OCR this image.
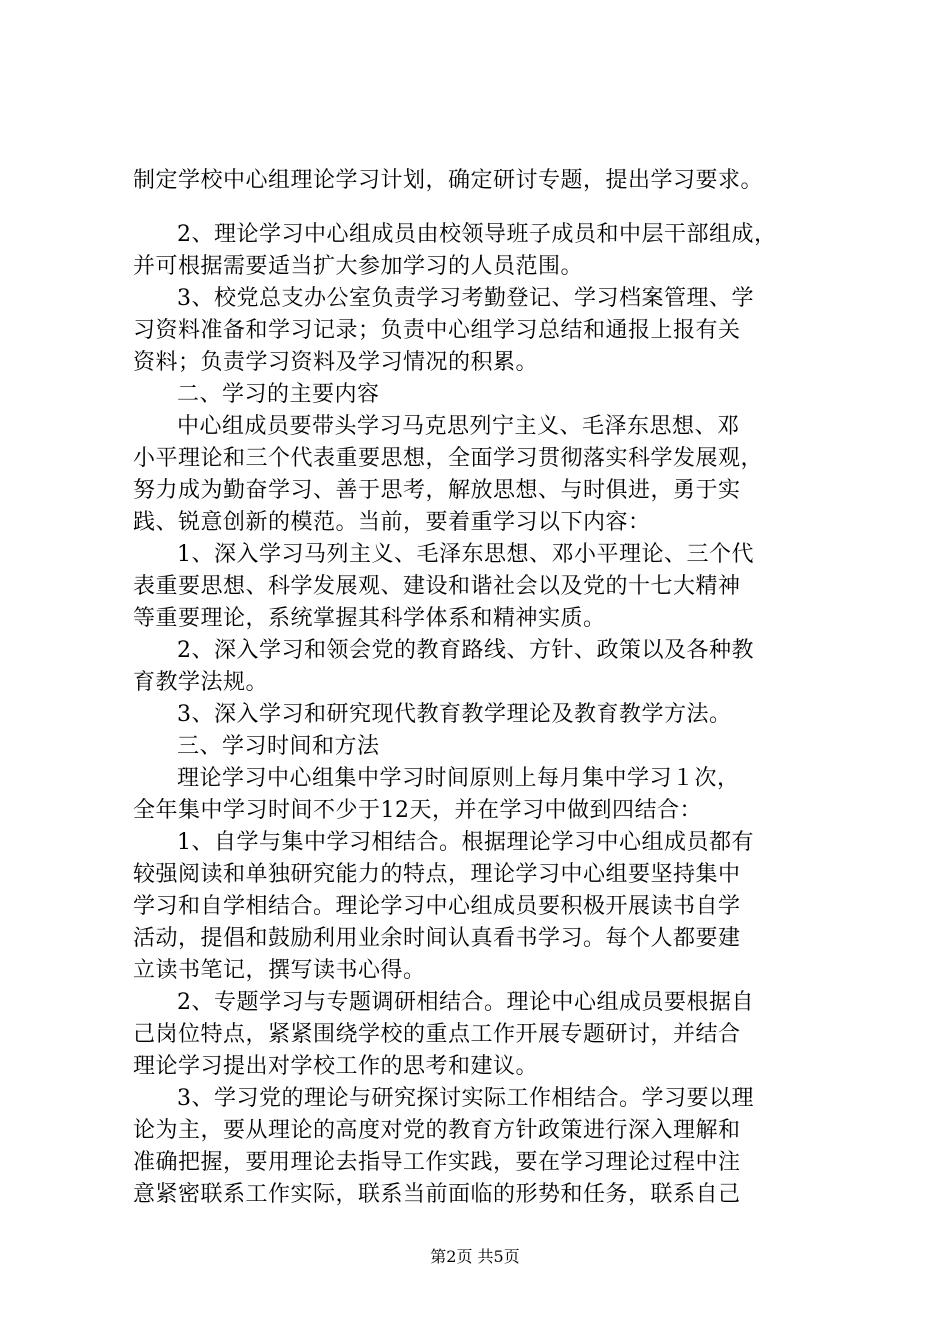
制定学校中心组理论学习计划，确定研讨专题，提出学习要求。
2、理论学习中心组成员由校领导班子成员和中层干部组成，
并可根据需要适当扩大参加学习的人员范围。
3、校党总支办公室负责学习考勤登记、学习档案管理、学
习资料准备和学习记录；负责中心组学习总结和通报上报有关
资料；负责学习资料及学习情况的积累。
二、学习的主要内容
中心组成员要带头学习马克思列宁主义、毛泽东思想、邓
小平理论和三个代表重要思想，全面学习贯彻落实科学发展观，
努力成为勤奋学习、善于思考，解放思想、与时俱进，勇于实
践、锐意创新的模范。当前，要着重学习以下内容：
1、深入学习马列主义、毛泽东思想、邓小平理论、三个代
表重要思想、科学发展观、建设和谐社会以及党的十七大精神
等重要理论，系统掌握其科学体系和精神实质。
2、深入学习和领会党的教育路线、方针、政策以及各种教
育教学法规。
3、深入学习和研究现代教育教学理论及教育教学方法。
三、学习时间和方法
理论学习中心组集中学习时间原则上每月集中学习１次，
全年集中学习时间不少于12天，并在学习中做到四结合：
1、自学与集中学习相结合。根据理论学习中心组成员都有
较强阅读和单独研究能力的特点，理论学习中心组要坚持集中
学习和自学相结合。理论学习中心组成员要积极开展读书自学
活动，提倡和鼓励利用业余时间认真看书学习。每个人都要建
立读书笔记，撰写读书心得。
2、专题学习与专题调研相结合。理论中心组成员要根据自
己岗位特点，紧紧围绕学校的重点工作开展专题研讨，并结合
理论学习提出对学校工作的思考和建议。
3、学习党的理论与研究探讨实际工作相结合。学习要以理
论为主，要从理论的高度对党的教育方针政策进行深入理解和
准确把握，要用理论去指导工作实践，要在学习理论过程中注
意紧密联系工作实际，联系当前面临的形势和任务，联系自己
第2页 共5页
